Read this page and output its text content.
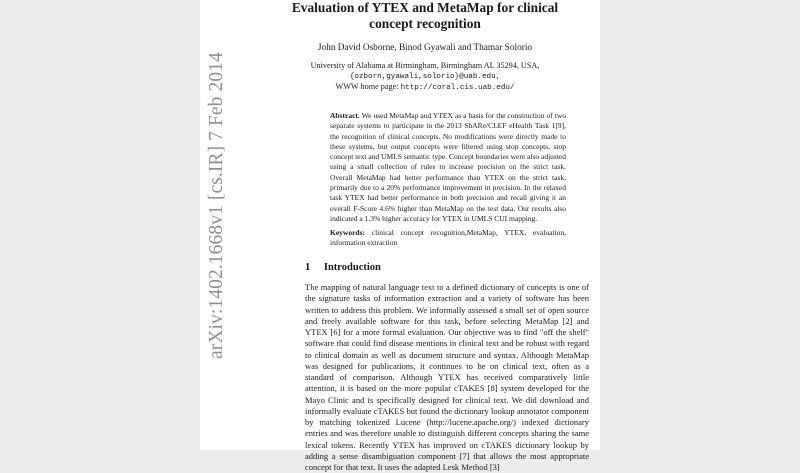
arXiv:1402.1668v1 [cs.IR] 7 Feb 2014
Evaluation of YTEX and MetaMap for clinical
concept recognition
John David Osborne, Binod Gyawali and Thamar Solorio
University of Alabama at Birmingham, Birmingham AL 35294, USA,
{ozborn,gyawali,solorio}@uab.edu,
WWW home page: http://coral.cis.uab.edu/
Abstract. We used MetaMap and YTEX as a basis for the construction of two separate systems to participate in the 2013 ShARe/CLEF eHealth Task 1[9], the recognition of clinical concepts. No modifications were directly made to these systems, but output concepts were filtered using stop concepts, stop concept text and UMLS semantic type. Concept boundaries were also adjusted using a small collection of rules to increase precision on the strict task. Overall MetaMap had better performance than YTEX on the strict task, primarily due to a 20% performance improvement in precision. In the relaxed task YTEX had better performance in both precision and recall giving it an overall F-Score 4.6% higher than MetaMap on the test data. Our results also indicated a 1.3% higher accuracy for YTEX in UMLS CUI mapping.
Keywords: clinical concept recognition,MetaMap, YTEX, evaluation, information extraction
1 Introduction

The mapping of natural language text to a defined dictionary of concepts is one of the signature tasks of information extraction and a variety of software has been written to address this problem. We informally assessed a small set of open source and freely available software for this task, before selecting MetaMap [2] and YTEX [6] for a more formal evaluation. Our objective was to find "off the shelf" software that could find disease mentions in clinical text and be robust with regard to clinical domain as well as document structure and syntax. Although MetaMap was designed for publications, it continues to be on clinical text, often as a standard of comparison. Although YTEX has received comparatively little attention, it is based on the more popular cTAKES [8] system developed for the Mayo Clinic and is specifically designed for clinical text. We did download and informally evaluate cTAKES but found the dictionary lookup annotator component by matching tokenized Lucene (http://lucene.apache.org/) indexed dictionary entries and was therefore unable to distinguish different concepts sharing the same lexical tokens. Recently YTEX has improved on cTAKES dictionary lookup by adding a sense disambiguation component [7] that allows the most appropriate concept for that text. It uses the adapted Lesk Method [3]
